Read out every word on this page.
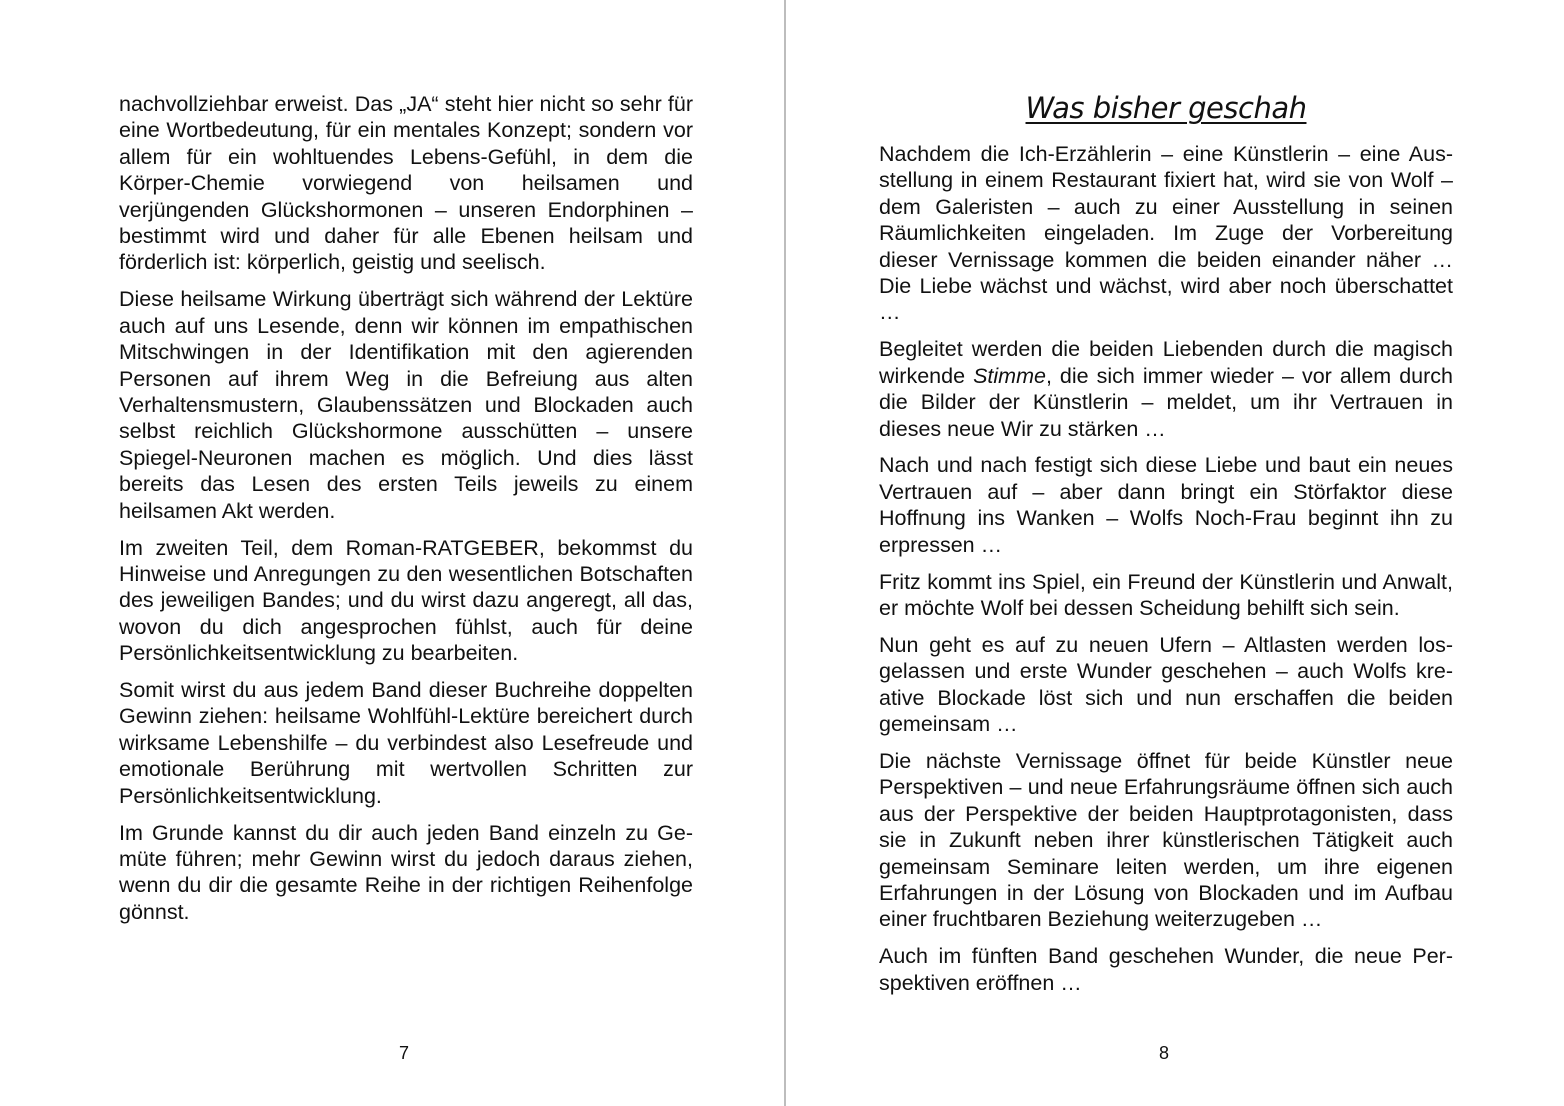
nachvollziehbar erweist. Das „JA“ steht hier nicht so sehr für eine Wortbedeutung, für ein mentales Konzept; sondern vor allem für ein wohltuendes Lebens-Gefühl, in dem die Körper-Chemie vorwiegend von heilsamen und verjüngenden Glückshormonen – unseren Endorphinen – bestimmt wird und daher für alle Ebenen heilsam und förderlich ist: körperlich, geistig und seelisch.

Diese heilsame Wirkung überträgt sich während der Lektüre auch auf uns Lesende, denn wir können im empathischen Mitschwingen in der Identifikation mit den agierenden Personen auf ihrem Weg in die Befreiung aus alten Verhaltensmustern, Glaubenssätzen und Blockaden auch selbst reichlich Glückshormone ausschütten – unsere Spiegel-Neuronen machen es möglich. Und dies lässt bereits das Lesen des ersten Teils jeweils zu einem heilsamen Akt werden.

Im zweiten Teil, dem Roman-RATGEBER, bekommst du Hinweise und Anregungen zu den wesentlichen Botschaften des jeweiligen Bandes; und du wirst dazu angeregt, all das, wovon du dich angesprochen fühlst, auch für deine Persönlichkeitsentwicklung zu bearbeiten.

Somit wirst du aus jedem Band dieser Buchreihe doppelten Gewinn ziehen: heilsame Wohlfühl-Lektüre bereichert durch wirksame Lebenshilfe – du verbindest also Lesefreude und emotionale Berührung mit wertvollen Schritten zur Persönlichkeitsentwicklung.

Im Grunde kannst du dir auch jeden Band einzeln zu Gemüte führen; mehr Gewinn wirst du jedoch daraus ziehen, wenn du dir die gesamte Reihe in der richtigen Reihenfolge gönnst.

7
Was bisher geschah

Nachdem die Ich-Erzählerin – eine Künstlerin – eine Ausstellung in einem Restaurant fixiert hat, wird sie von Wolf – dem Galeristen – auch zu einer Ausstellung in seinen Räumlichkeiten eingeladen. Im Zuge der Vorbereitung dieser Vernissage kommen die beiden einander näher … Die Liebe wächst und wächst, wird aber noch überschattet …

Begleitet werden die beiden Liebenden durch die magisch wirkende Stimme, die sich immer wieder – vor allem durch die Bilder der Künstlerin – meldet, um ihr Vertrauen in dieses neue Wir zu stärken …

Nach und nach festigt sich diese Liebe und baut ein neues Vertrauen auf – aber dann bringt ein Störfaktor diese Hoffnung ins Wanken – Wolfs Noch-Frau beginnt ihn zu erpressen …

Fritz kommt ins Spiel, ein Freund der Künstlerin und Anwalt, er möchte Wolf bei dessen Scheidung behilft sich sein.

Nun geht es auf zu neuen Ufern – Altlasten werden losgelassen und erste Wunder geschehen – auch Wolfs kreative Blockade löst sich und nun erschaffen die beiden gemeinsam …

Die nächste Vernissage öffnet für beide Künstler neue Perspektiven – und neue Erfahrungsräume öffnen sich auch aus der Perspektive der beiden Hauptprotagonisten, dass sie in Zukunft neben ihrer künstlerischen Tätigkeit auch gemeinsam Seminare leiten werden, um ihre eigenen Erfahrungen in der Lösung von Blockaden und im Aufbau einer fruchtbaren Beziehung weiterzugeben …

Auch im fünften Band geschehen Wunder, die neue Perspektiven eröffnen …

8
